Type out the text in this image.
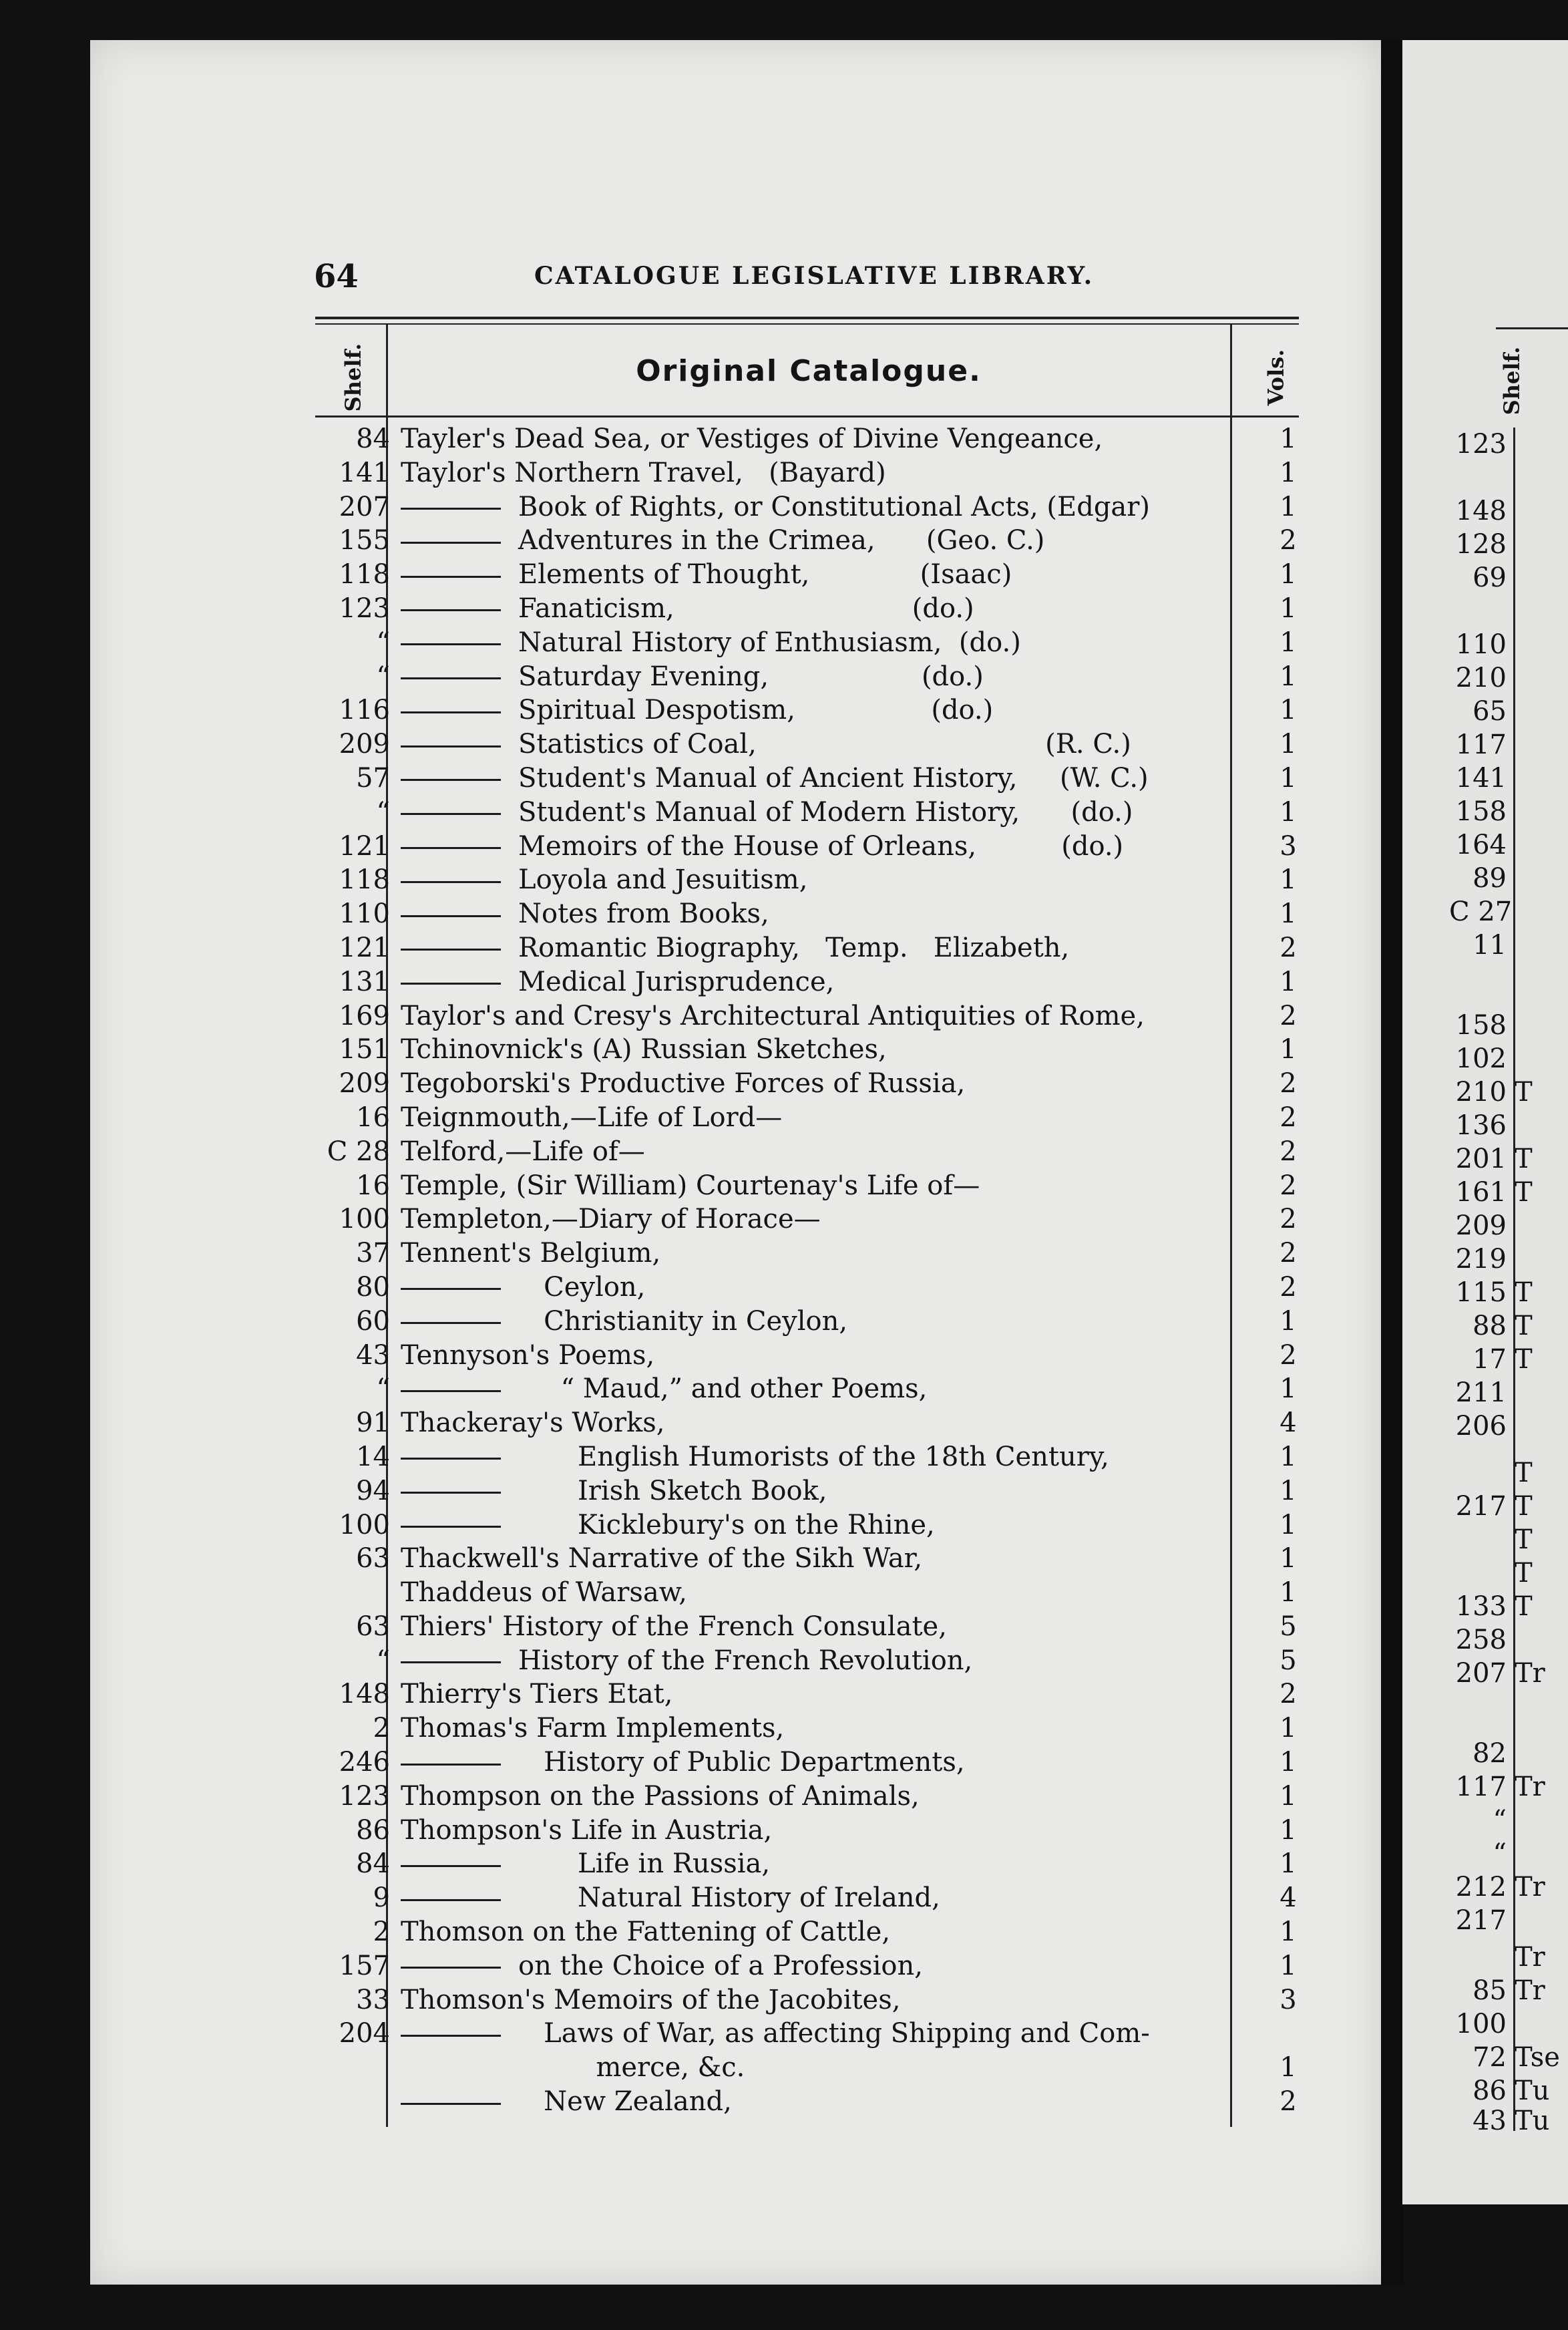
64	CATALOGUE LEGISLATIVE LIBRARY.
Shelf.	Original Catalogue.	Vols.
84 Tayler's Dead Sea, or Vestiges of Divine Vengeance,	1
141 Taylor's Northern Travel,   (Bayard)	1
207	Book of Rights, or Constitutional Acts, (Edgar)	1
155	Adventures in the Crimea,      (Geo. C.)	2
118	Elements of Thought,             (Isaac)	1
123	Fanaticism,                            (do.)	1
“	Natural History of Enthusiasm,  (do.)	1
“	Saturday Evening,                  (do.)	1
116	Spiritual Despotism,                (do.)	1
209	Statistics of Coal,                                  (R. C.)	1
57	Student's Manual of Ancient History,     (W. C.)	1
“	Student's Manual of Modern History,      (do.)	1
121	Memoirs of the House of Orleans,          (do.)	3
118	Loyola and Jesuitism,	1
110	Notes from Books,	1
121	Romantic Biography,   Temp.   Elizabeth,	2
131	Medical Jurisprudence,	1
169 Taylor's and Cresy's Architectural Antiquities of Rome,	2
151 Tchinovnick's (A) Russian Sketches,	1
209 Tegoborski's Productive Forces of Russia,	2
16 Teignmouth,—Life of Lord—	2
C 28 Telford,—Life of—	2
16 Temple, (Sir William) Courtenay's Life of—	2
100 Templeton,—Diary of Horace—	2
37 Tennent's Belgium,	2
80	Ceylon,	2
60	Christianity in Ceylon,	1
43 Tennyson's Poems,	2
“	“ Maud,” and other Poems,	1
91 Thackeray's Works,	4
14	English Humorists of the 18th Century,	1
94	Irish Sketch Book,	1
100	Kicklebury's on the Rhine,	1
63 Thackwell's Narrative of the Sikh War,	1
Thaddeus of Warsaw,	1
63 Thiers' History of the French Consulate,	5
“	History of the French Revolution,	5
148 Thierry's Tiers Etat,	2
2 Thomas's Farm Implements,	1
246	History of Public Departments,	1
123 Thompson on the Passions of Animals,	1
86 Thompson's Life in Austria,	1
84	Life in Russia,	1
9	Natural History of Ireland,	4
2 Thomson on the Fattening of Cattle,	1
157	on the Choice of a Profession,	1
33 Thomson's Memoirs of the Jacobites,	3
204	Laws of War, as affecting Shipping and Com-
merce, &c.	1
New Zealand,	2
Shelf.
123
148
128
69
110
210
65
117
141
158
164
89
C 27
11
158
102
210 T
136
201 T
161 T
209
219
115 T
88 T
17 T
211
206
T
217 T
T
T
133 T
258
207 Tr
82
117 Tr
“
“
212 Tr
217
Tr
85 Tr
100
72 Tse
86 Tu
43 Tu
